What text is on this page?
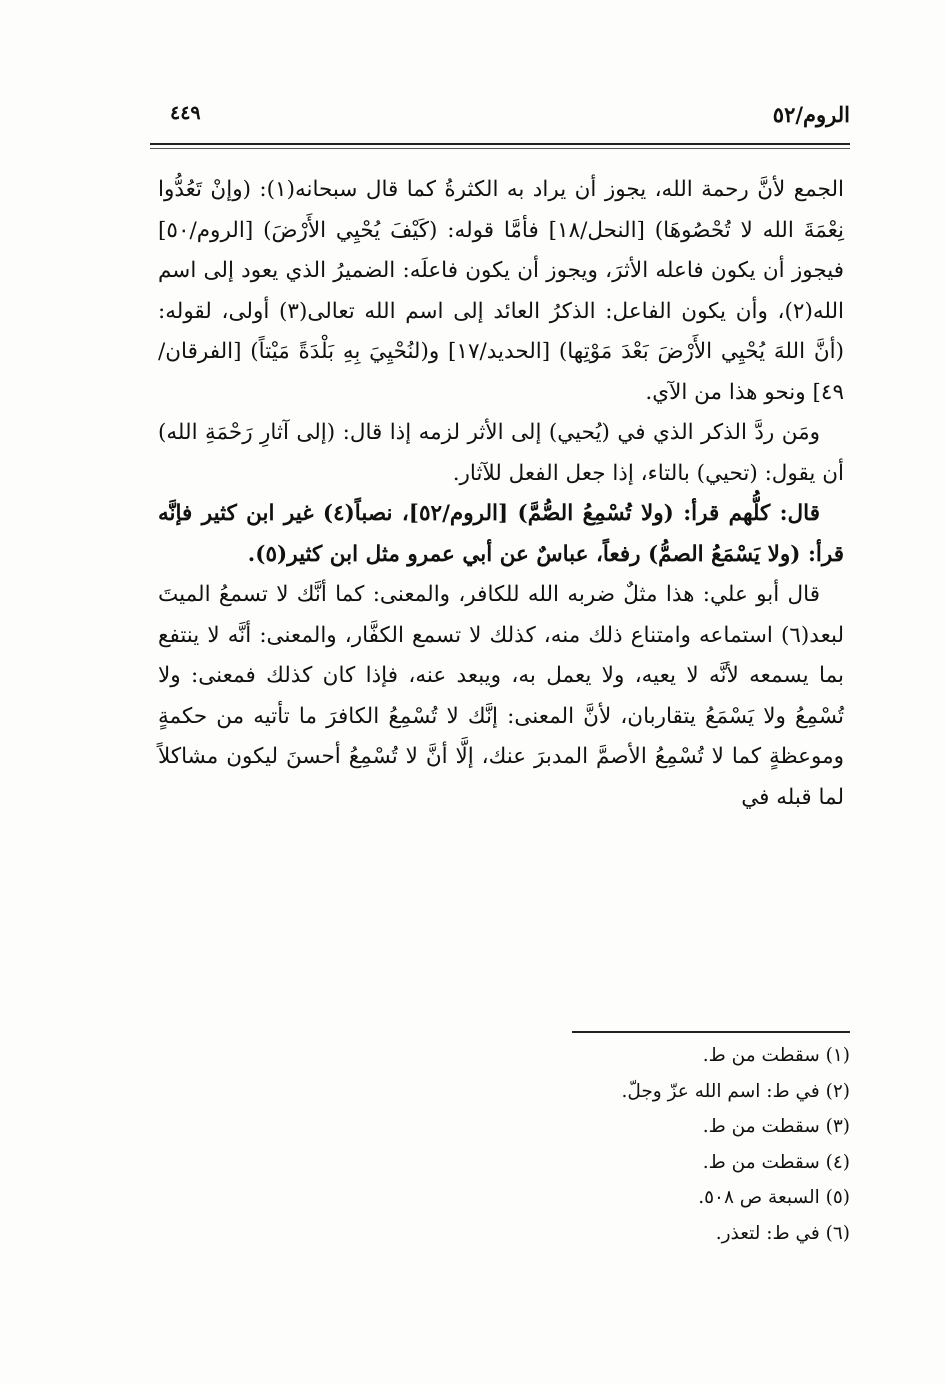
الروم/٥٢
٤٤٩

الجمع لأنَّ رحمة الله، يجوز أن يراد به الكثرةُ كما قال سبحانه(١): (وإنْ تَعُدُّوا نِعْمَةَ الله لا تُحْصُوهَا) [النحل/١٨] فأمَّا قوله: (كَيْفَ يُحْيِي الأَرْضَ) [الروم/٥٠] فيجوز أن يكون فاعله الأثرَ، ويجوز أن يكون فاعلَه: الضميرُ الذي يعود إلى اسم الله(٢)، وأن يكون الفاعل: الذكرُ العائد إلى اسم الله تعالى(٣) أولى، لقوله: (أنَّ اللهَ يُحْيِي الأَرْضَ بَعْدَ مَوْتِها) [الحديد/١٧] و(لنُحْيِيَ بِهِ بَلْدَةً مَيْتاً) [الفرقان/٤٩] ونحو هذا من الآي.

ومَن ردَّ الذكر الذي في (يُحيي) إلى الأثر لزمه إذا قال: (إلى آثارِ رَحْمَةِ الله) أن يقول: (تحيي) بالتاء، إذا جعل الفعل للآثار.

قال: كلُّهم قرأ: (ولا تُسْمِعُ الصُّمَّ) [الروم/٥٢]، نصباً(٤) غير ابن كثير فإنَّه قرأ: (ولا يَسْمَعُ الصمُّ) رفعاً، عباسٌ عن أبي عمرو مثل ابن كثير(٥).

قال أبو علي: هذا مثلٌ ضربه الله للكافر، والمعنى: كما أنَّك لا تسمعُ الميتَ لبعد(٦) استماعه وامتناع ذلك منه، كذلك لا تسمع الكفَّار، والمعنى: أنَّه لا ينتفع بما يسمعه لأنَّه لا يعيه، ولا يعمل به، ويبعد عنه، فإذا كان كذلك فمعنى: ولا تُسْمِعُ ولا يَسْمَعُ يتقاربان، لأنَّ المعنى: إنَّك لا تُسْمِعُ الكافرَ ما تأتيه من حكمةٍ وموعظةٍ كما لا تُسْمِعُ الأصمَّ المدبرَ عنك، إلَّا أنَّ لا تُسْمِعُ أحسنَ ليكون مشاكلاً لما قبله في

(١) سقطت من ط.
(٢) في ط: اسم الله عزّ وجلّ.
(٣) سقطت من ط.
(٤) سقطت من ط.
(٥) السبعة ص ٥٠٨.
(٦) في ط: لتعذر.
